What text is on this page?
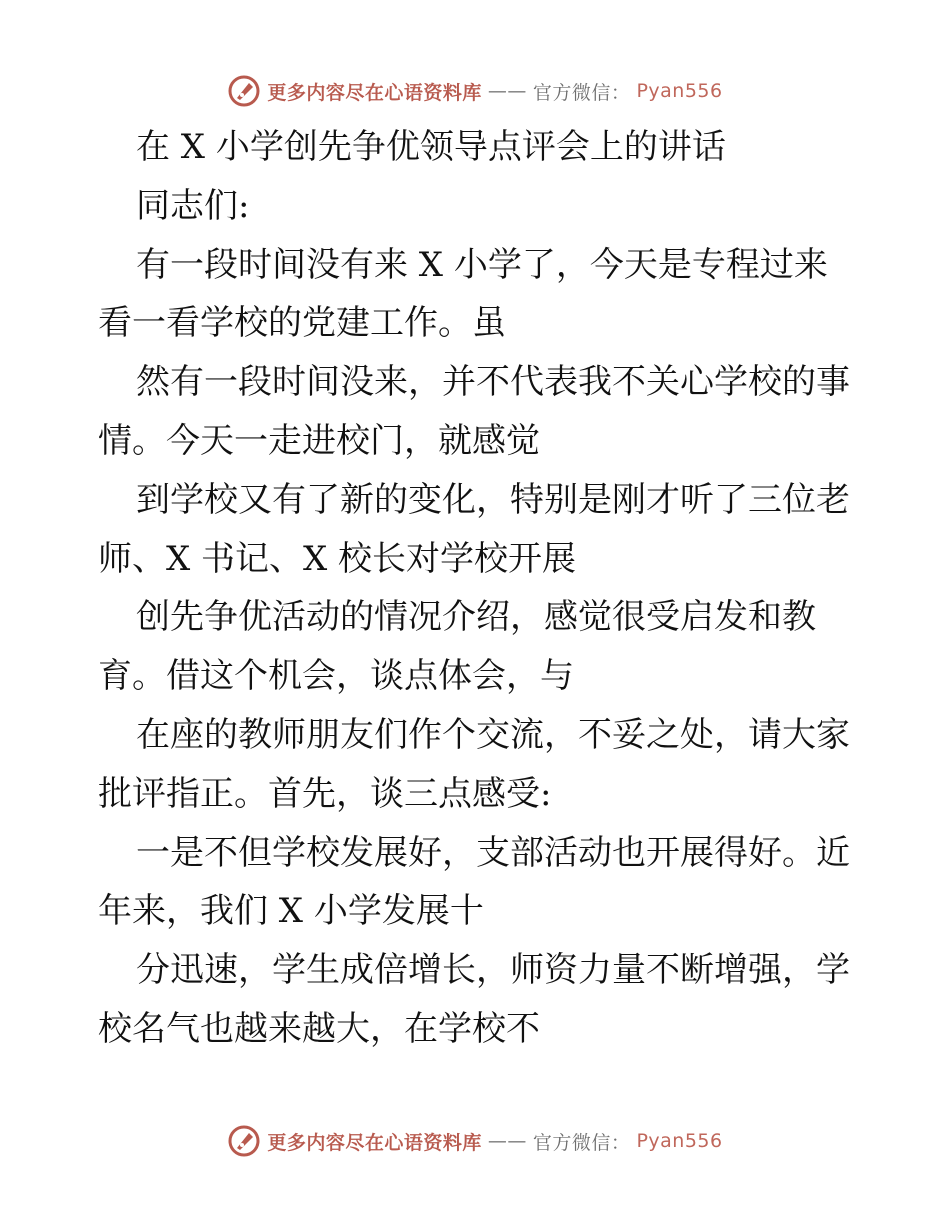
更多内容尽在心语资料库 —— 官方微信： Pyan556
在 X 小学创先争优领导点评会上的讲话
同志们:
有一段时间没有来 X 小学了，今天是专程过来
看一看学校的党建工作。虽
然有一段时间没来，并不代表我不关心学校的事
情。今天一走进校门，就感觉
到学校又有了新的变化，特别是刚才听了三位老
师、X 书记、X 校长对学校开展
创先争优活动的情况介绍，感觉很受启发和教
育。借这个机会，谈点体会，与
在座的教师朋友们作个交流，不妥之处，请大家
批评指正。首先，谈三点感受:
一是不但学校发展好，支部活动也开展得好。近
年来，我们 X 小学发展十
分迅速，学生成倍增长，师资力量不断增强，学
校名气也越来越大，在学校不
更多内容尽在心语资料库 —— 官方微信： Pyan556
